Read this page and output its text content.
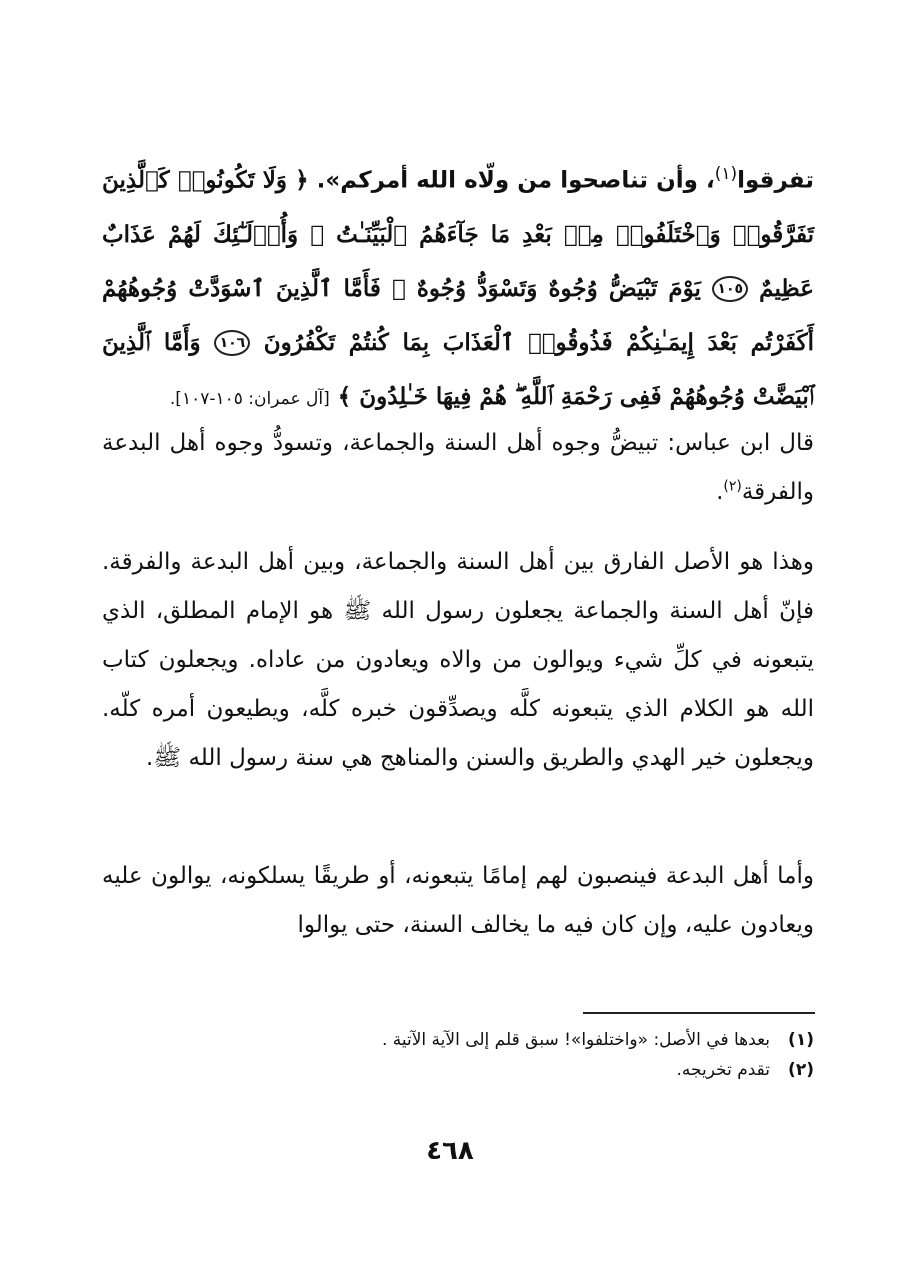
تفرقوا$^{(١)}$، وأن تناصحوا من ولّاه الله أمركم». ﴿ وَلَا تَكُونُوا۟ كَٱلَّذِينَ تَفَرَّقُوا۟ وَٱخْتَلَفُوا۟ مِنۢ بَعْدِ مَا جَآءَهُمُ ٱلْبَيِّنَـٰتُ ۚ وَأُو۟لَـٰٓئِكَ لَهُمْ عَذَابٌ عَظِيمٌ ١٠٥ يَوْمَ تَبْيَضُّ وُجُوهٌ وَتَسْوَدُّ وُجُوهٌ ۚ فَأَمَّا ٱلَّذِينَ ٱسْوَدَّتْ وُجُوهُهُمْ أَكَفَرْتُم بَعْدَ إِيمَـٰنِكُمْ فَذُوقُوا۟ ٱلْعَذَابَ بِمَا كُنتُمْ تَكْفُرُونَ ١٠٦ وَأَمَّا ٱلَّذِينَ ٱبْيَضَّتْ وُجُوهُهُمْ فَفِى رَحْمَةِ ٱللَّهِ ۖ هُمْ فِيهَا خَـٰلِدُونَ ﴾ [آل عمران: ١٠٥-١٠٧].
قال ابن عباس: تبيضُّ وجوه أهل السنة والجماعة، وتسودُّ وجوه أهل البدعة والفرقة$^{(٢)}$.
وهذا هو الأصل الفارق بين أهل السنة والجماعة، وبين أهل البدعة والفرقة. فإنّ أهل السنة والجماعة يجعلون رسول الله ﷺ هو الإمام المطلق، الذي يتبعونه في كلِّ شيء ويوالون من والاه ويعادون من عاداه. ويجعلون كتاب الله هو الكلام الذي يتبعونه كلَّه ويصدِّقون خبره كلَّه، ويطيعون أمره كلّه. ويجعلون خير الهدي والطريق والسنن والمناهج هي سنة رسول الله ﷺ.
وأما أهل البدعة فينصبون لهم إمامًا يتبعونه، أو طريقًا يسلكونه، يوالون عليه ويعادون عليه، وإن كان فيه ما يخالف السنة، حتى يوالوا
(١)بعدها في الأصل: «واختلفوا»! سبق قلم إلى الآية الآتية .
(٢)تقدم تخريجه.
٤٦٨
